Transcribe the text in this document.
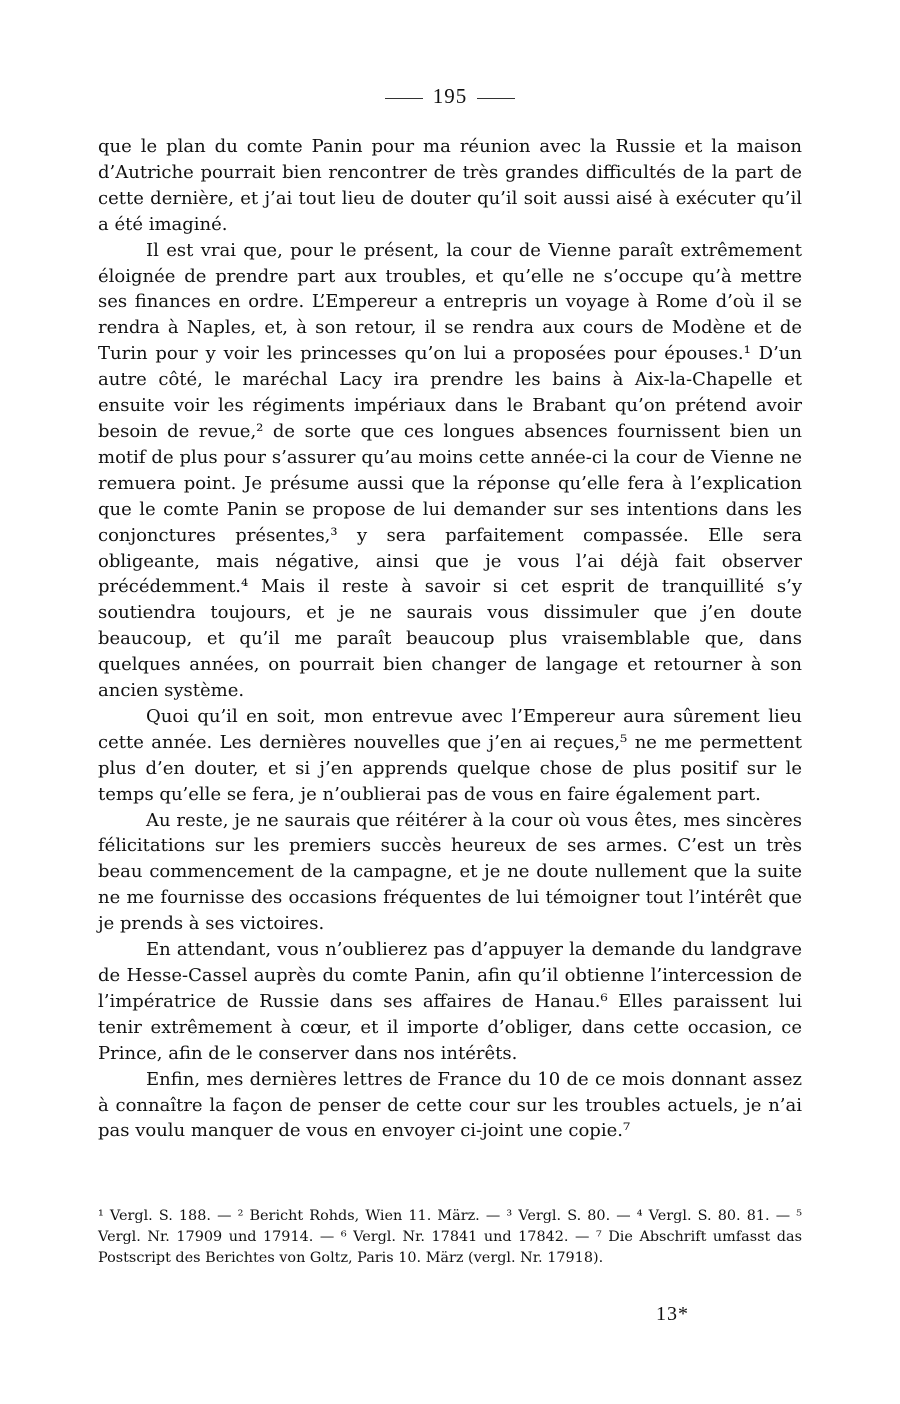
195

que le plan du comte Panin pour ma réunion avec la Russie et la maison d’Autriche pourrait bien rencontrer de très grandes difficultés de la part de cette dernière, et j’ai tout lieu de douter qu’il soit aussi aisé à exécuter qu’il a été imaginé.

Il est vrai que, pour le présent, la cour de Vienne paraît extrêmement éloignée de prendre part aux troubles, et qu’elle ne s’occupe qu’à mettre ses finances en ordre. L’Empereur a entrepris un voyage à Rome d’où il se rendra à Naples, et, à son retour, il se rendra aux cours de Modène et de Turin pour y voir les princesses qu’on lui a proposées pour épouses.¹ D’un autre côté, le maréchal Lacy ira prendre les bains à Aix-la-Chapelle et ensuite voir les régiments impériaux dans le Brabant qu’on prétend avoir besoin de revue,² de sorte que ces longues absences fournissent bien un motif de plus pour s’assurer qu’au moins cette année-ci la cour de Vienne ne remuera point. Je présume aussi que la réponse qu’elle fera à l’explication que le comte Panin se propose de lui demander sur ses intentions dans les conjonctures présentes,³ y sera parfaitement compassée. Elle sera obligeante, mais négative, ainsi que je vous l’ai déjà fait observer précédemment.⁴ Mais il reste à savoir si cet esprit de tranquillité s’y soutiendra toujours, et je ne saurais vous dissimuler que j’en doute beaucoup, et qu’il me paraît beaucoup plus vraisemblable que, dans quelques années, on pourrait bien changer de langage et retourner à son ancien système.

Quoi qu’il en soit, mon entrevue avec l’Empereur aura sûrement lieu cette année. Les dernières nouvelles que j’en ai reçues,⁵ ne me permettent plus d’en douter, et si j’en apprends quelque chose de plus positif sur le temps qu’elle se fera, je n’oublierai pas de vous en faire également part.

Au reste, je ne saurais que réitérer à la cour où vous êtes, mes sincères félicitations sur les premiers succès heureux de ses armes. C’est un très beau commencement de la campagne, et je ne doute nullement que la suite ne me fournisse des occasions fréquentes de lui témoigner tout l’intérêt que je prends à ses victoires.

En attendant, vous n’oublierez pas d’appuyer la demande du landgrave de Hesse-Cassel auprès du comte Panin, afin qu’il obtienne l’intercession de l’impératrice de Russie dans ses affaires de Hanau.⁶ Elles paraissent lui tenir extrêmement à cœur, et il importe d’obliger, dans cette occasion, ce Prince, afin de le conserver dans nos intérêts.

Enfin, mes dernières lettres de France du 10 de ce mois donnant assez à connaître la façon de penser de cette cour sur les troubles actuels, je n’ai pas voulu manquer de vous en envoyer ci-joint une copie.⁷

¹ Vergl. S. 188. — ² Bericht Rohds, Wien 11. März. — ³ Vergl. S. 80. — ⁴ Vergl. S. 80. 81. — ⁵ Vergl. Nr. 17909 und 17914. — ⁶ Vergl. Nr. 17841 und 17842. — ⁷ Die Abschrift umfasst das Postscript des Berichtes von Goltz, Paris 10. März (vergl. Nr. 17918).
13*
